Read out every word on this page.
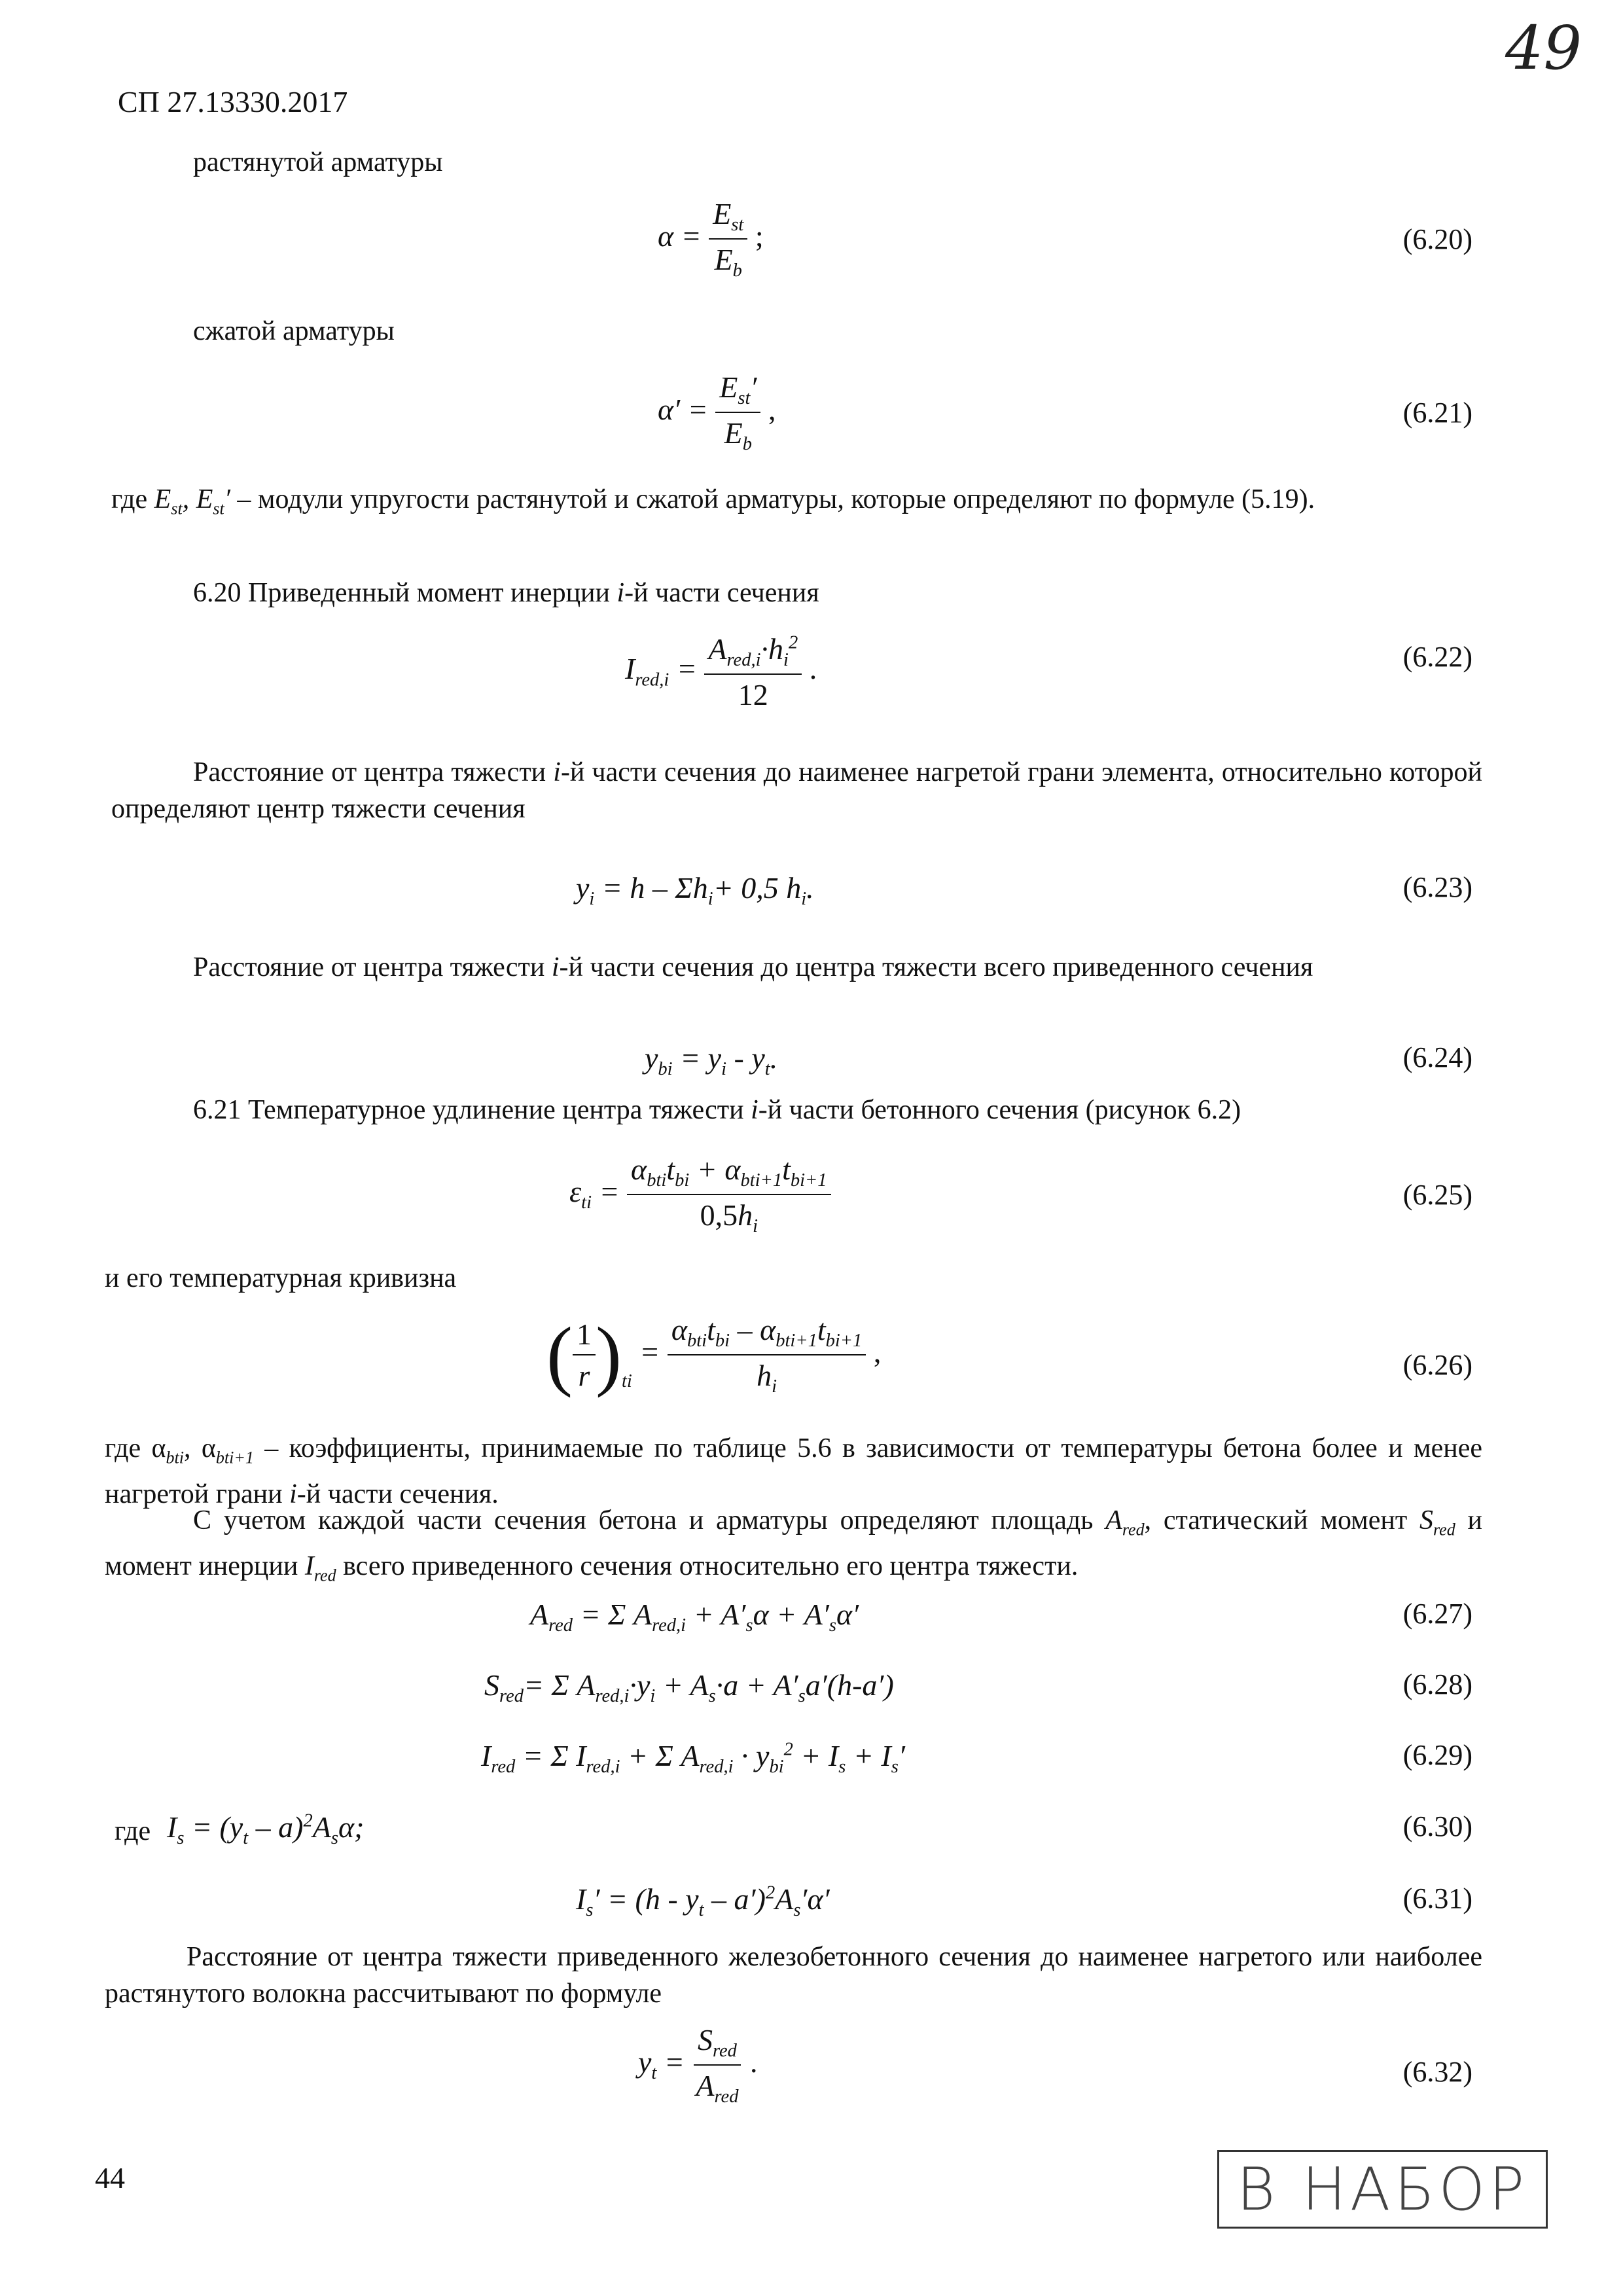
СП 27.13330.2017
49
растянутой арматуры
$\alpha = \frac{E_{st}}{E_b}$ ;	(6.20)
сжатой арматуры
$\alpha' = \frac{E_{st}'}{E_b}$ ,	(6.21)
где $E_{st}$, $E_{st}'$ – модули упругости растянутой и сжатой арматуры, которые определяют по формуле (5.19).
6.20 Приведенный момент инерции i-й части сечения
$I_{red,i} = \frac{A_{red,i}\cdot h_i^2}{12}$ .	(6.22)
Расстояние от центра тяжести i-й части сечения до наименее нагретой грани элемента, относительно которой определяют центр тяжести сечения
$y_i = h - \Sigma h_i+ 0,5$ $h_i$.	(6.23)
Расстояние от центра тяжести i-й части сечения до центра тяжести всего приведенного сечения
$y_{bi} = y_i - y_t$.	(6.24)
6.21 Температурное удлинение центра тяжести i-й части бетонного сечения (рисунок 6.2)
$\varepsilon_{ti} = \frac{\alpha_{bti}t_{bi} + \alpha_{bti+1}t_{bi+1}}{0,5h_i}$	(6.25)
и его температурная кривизна
( $\frac{1}{r} )_{ti} = \frac{\alpha_{bti}t_{bi} - \alpha_{bti+1}t_{bi+1}}{h_i}$ ,	(6.26)
где $\alpha_{bti}$, $\alpha_{bti+1}$ – коэффициенты, принимаемые по таблице 5.6 в зависимости от температуры бетона более и менее нагретой грани i-й части сечения.
С учетом каждой части сечения бетона и арматуры определяют площадь $A_{red}$, статический момент $S_{red}$ и момент инерции $I_{red}$ всего приведенного сечения относительно его центра тяжести.
$A_{red} = \Sigma$ $A_{red,i} + A'_s\alpha + A'_s\alpha'$	(6.27)
$S_{red}= \Sigma$ $A_{red,i}\cdot y_i + A_s\cdot a + A'_sa'(h-a')$	(6.28)
$I_{red} = \Sigma$ $I_{red,i} + \Sigma$ $A_{red,i} \cdot y_{bi}^2 + I_s + I_s'$	(6.29)
где $I_s = (y_t - a)^2A_s\alpha$;	(6.30)
$I_s' = (h - y_t - a')^2A_s'\alpha'$	(6.31)
Расстояние от центра тяжести приведенного железобетонного сечения до наименее нагретого или наиболее растянутого волокна рассчитывают по формуле
$y_t = \frac{S_{red}}{A_{red}}$ .	(6.32)
44	В НАБОР
